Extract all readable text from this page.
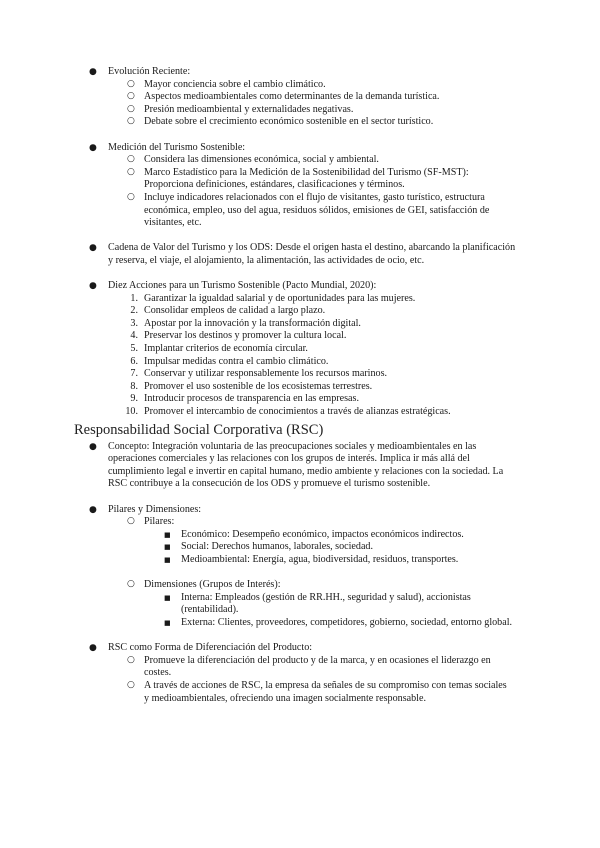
● Evolución Reciente:
○ Mayor conciencia sobre el cambio climático.
○ Aspectos medioambientales como determinantes de la demanda turística.
○ Presión medioambiental y externalidades negativas.
○ Debate sobre el crecimiento económico sostenible en el sector turístico.
● Medición del Turismo Sostenible:
○ Considera las dimensiones económica, social y ambiental.
○ Marco Estadístico para la Medición de la Sostenibilidad del Turismo (SF-MST): Proporciona definiciones, estándares, clasificaciones y términos.
○ Incluye indicadores relacionados con el flujo de visitantes, gasto turístico, estructura económica, empleo, uso del agua, residuos sólidos, emisiones de GEI, satisfacción de visitantes, etc.
● Cadena de Valor del Turismo y los ODS: Desde el origen hasta el destino, abarcando la planificación y reserva, el viaje, el alojamiento, la alimentación, las actividades de ocio, etc.
● Diez Acciones para un Turismo Sostenible (Pacto Mundial, 2020):
1. Garantizar la igualdad salarial y de oportunidades para las mujeres.
2. Consolidar empleos de calidad a largo plazo.
3. Apostar por la innovación y la transformación digital.
4. Preservar los destinos y promover la cultura local.
5. Implantar criterios de economía circular.
6. Impulsar medidas contra el cambio climático.
7. Conservar y utilizar responsablemente los recursos marinos.
8. Promover el uso sostenible de los ecosistemas terrestres.
9. Introducir procesos de transparencia en las empresas.
10. Promover el intercambio de conocimientos a través de alianzas estratégicas.
Responsabilidad Social Corporativa (RSC)
● Concepto: Integración voluntaria de las preocupaciones sociales y medioambientales en las operaciones comerciales y las relaciones con los grupos de interés. Implica ir más allá del cumplimiento legal e invertir en capital humano, medio ambiente y relaciones con la sociedad. La RSC contribuye a la consecución de los ODS y promueve el turismo sostenible.
● Pilares y Dimensiones:
○ Pilares:
■ Económico: Desempeño económico, impactos económicos indirectos.
■ Social: Derechos humanos, laborales, sociedad.
■ Medioambiental: Energía, agua, biodiversidad, residuos, transportes.
○ Dimensiones (Grupos de Interés):
■ Interna: Empleados (gestión de RR.HH., seguridad y salud), accionistas (rentabilidad).
■ Externa: Clientes, proveedores, competidores, gobierno, sociedad, entorno global.
● RSC como Forma de Diferenciación del Producto:
○ Promueve la diferenciación del producto y de la marca, y en ocasiones el liderazgo en costes.
○ A través de acciones de RSC, la empresa da señales de su compromiso con temas sociales y medioambientales, ofreciendo una imagen socialmente responsable.
